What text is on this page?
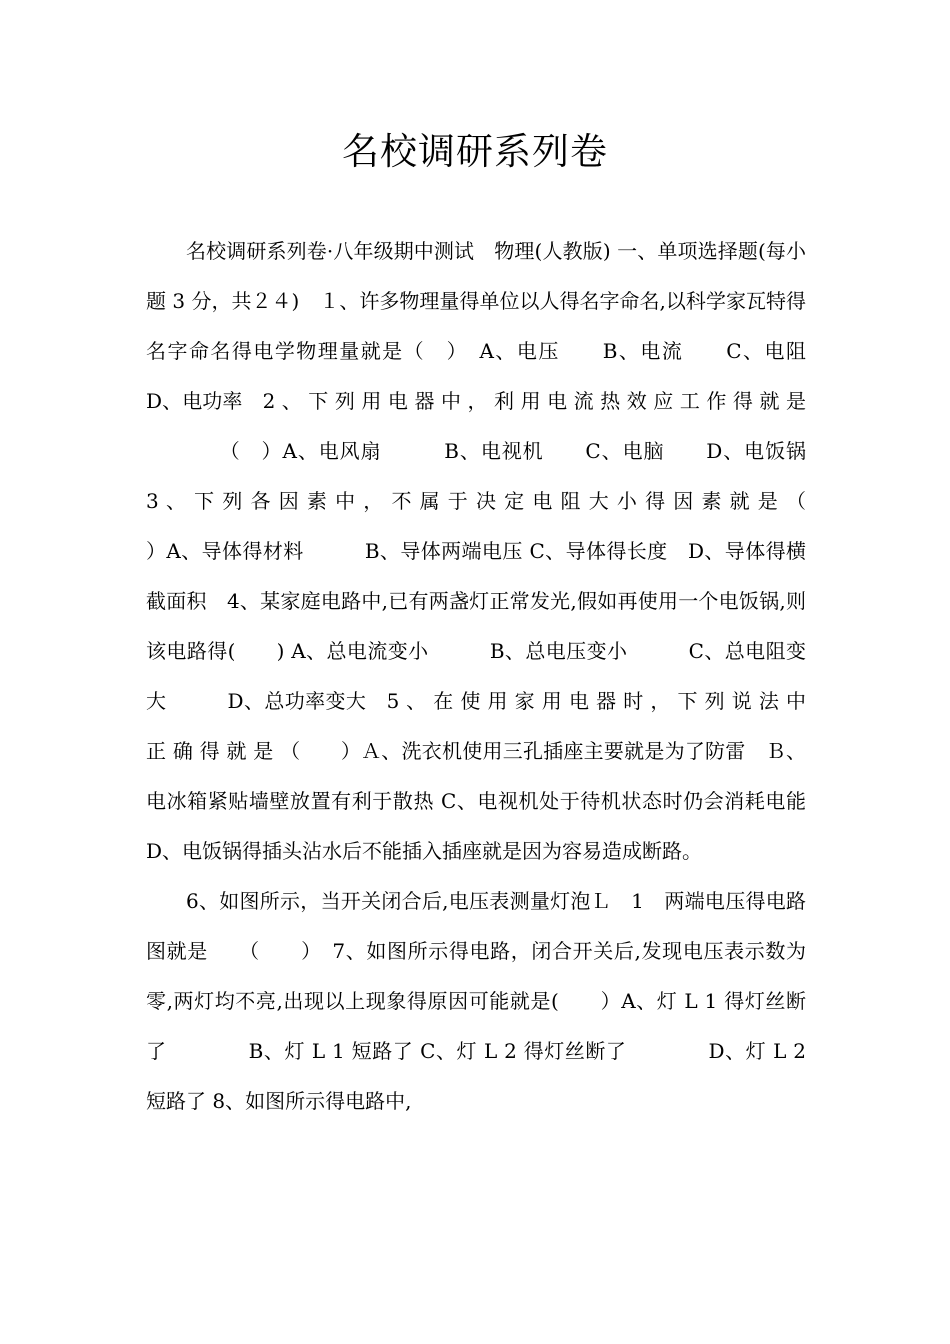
名校调研系列卷

名校调研系列卷·八年级期中测试　物理(人教版) 一、单项选择题(每小题 3 分，共２４)　１、许多物理量得单位以人得名字命名,以科学家瓦特得名字命名得电学物理量就是（　）　A、电压　　B、电流　　C、电阻　　　D、电功率　2 、 下 列 用 电 器 中 ， 利 用 电 流 热 效 应 工 作 得 就 是 　　　　（　）A、电风扇　　　B、电视机　　C、电脑　　D、电饭锅　3 、 下 列 各 因 素 中 ， 不 属 于 决 定 电 阻 大 小 得 因 素 就 是 （　　）A、导体得材料　　　B、导体两端电压 C、导体得长度　D、导体得横截面积　4、某家庭电路中,已有两盏灯正常发光,假如再使用一个电饭锅,则该电路得(　　) A、总电流变小　　　B、总电压变小　　　C、总电阻变大　　　D、总功率变大　5 、 在 使 用 家 用 电 器 时 ， 下 列 说 法 中 正 确 得 就 是 （　　）Ａ、洗衣机使用三孔插座主要就是为了防雷　Ｂ、电冰箱紧贴墙壁放置有利于散热 C、电视机处于待机状态时仍会消耗电能　D、电饭锅得插头沾水后不能插入插座就是因为容易造成断路。

6、如图所示，当开关闭合后,电压表测量灯泡Ｌ　1　两端电压得电路图就是　　（　　）　7、如图所示得电路，闭合开关后,发现电压表示数为零,两灯均不亮,出现以上现象得原因可能就是(　　）A、灯 L 1 得灯丝断了　　　　B、灯 L 1 短路了 C、灯 L 2 得灯丝断了　　　　D、灯 L 2 短路了 8、如图所示得电路中,
